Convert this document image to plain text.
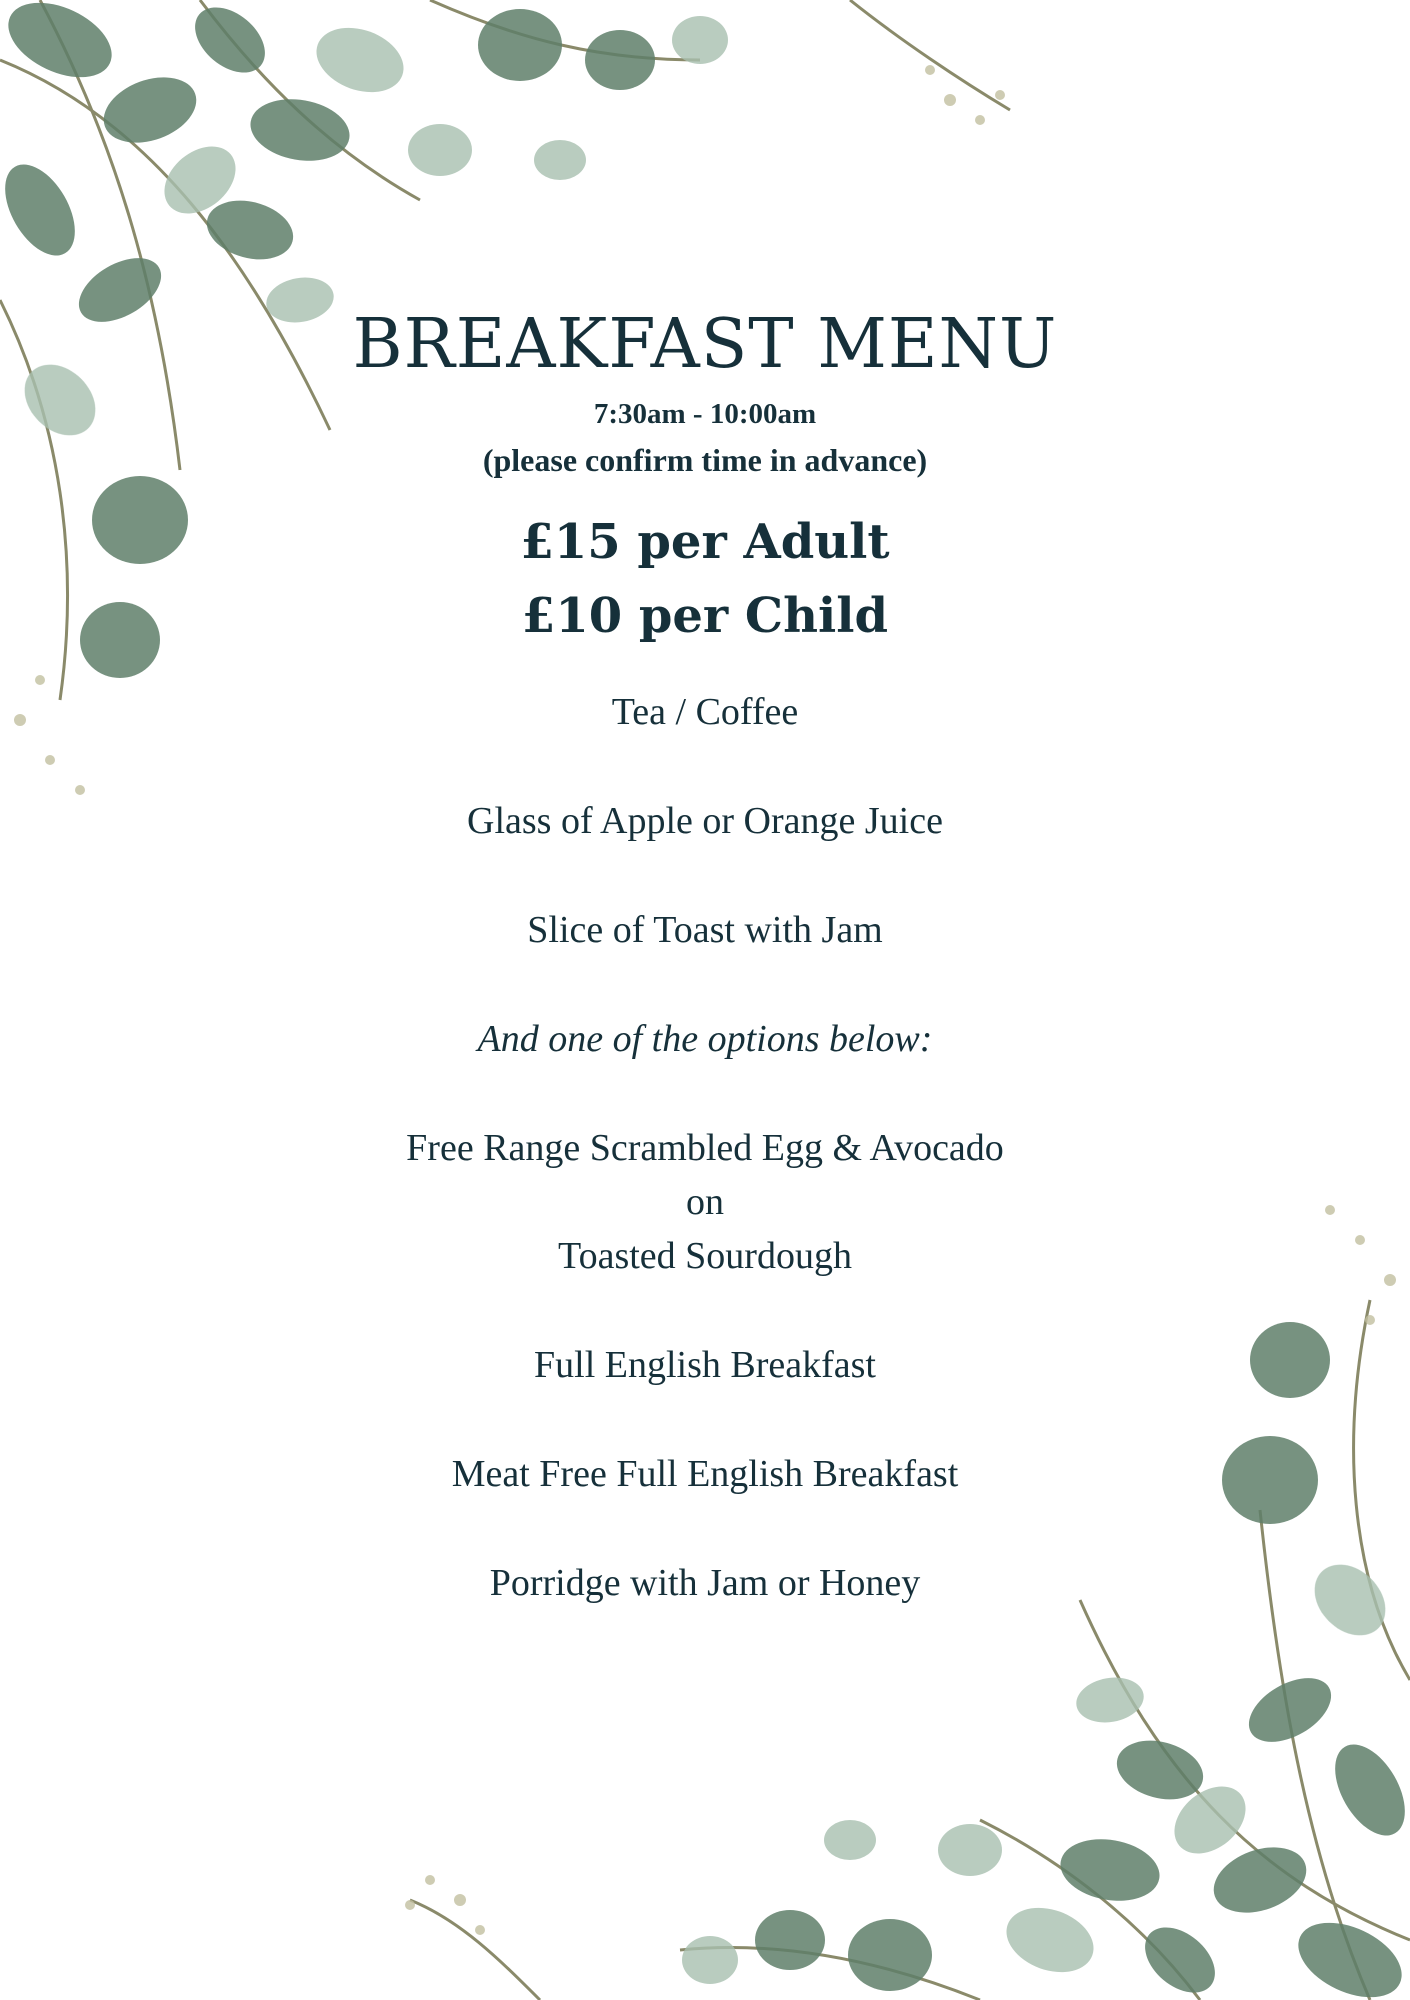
BREAKFAST MENU
7:30am - 10:00am
(please confirm time in advance)
£15 per Adult
£10 per Child
Tea / Coffee
Glass of Apple or Orange Juice
Slice of Toast with Jam
And one of the options below:
Free Range Scrambled Egg & Avocado
on
Toasted Sourdough
Full English Breakfast
Meat Free Full English Breakfast
Porridge with Jam or Honey
